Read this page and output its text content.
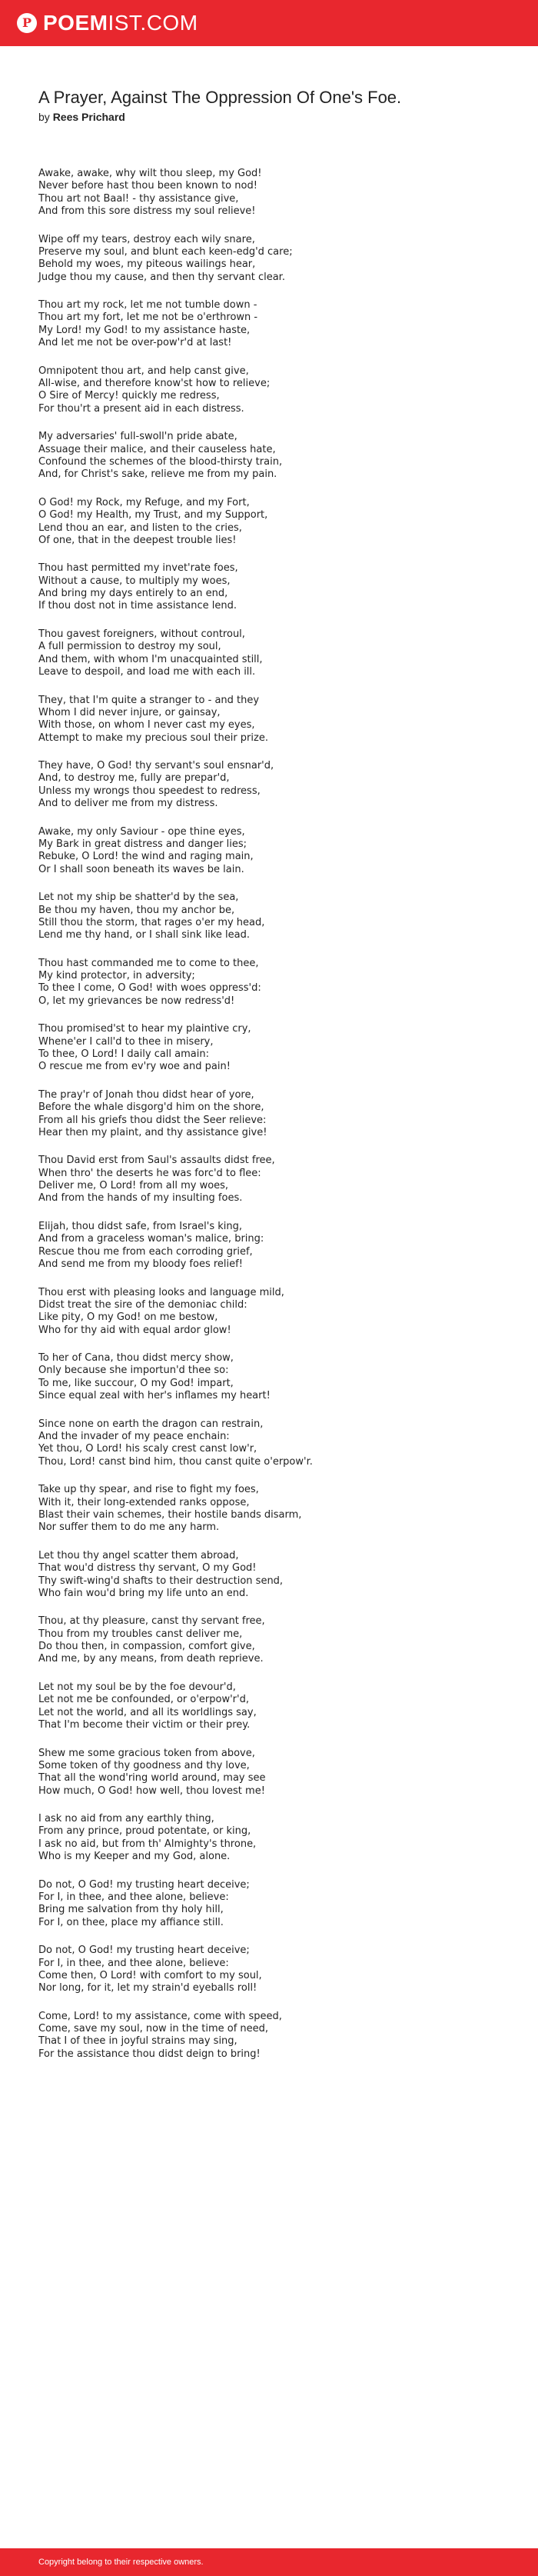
P POEMIST.COM
A Prayer, Against The Oppression Of One's Foe.
by Rees Prichard

Awake, awake, why wilt thou sleep, my God!
Never before hast thou been known to nod!
Thou art not Baal! - thy assistance give,
And from this sore distress my soul relieve!

Wipe off my tears, destroy each wily snare,
Preserve my soul, and blunt each keen-edg'd care;
Behold my woes, my piteous wailings hear,
Judge thou my cause, and then thy servant clear.

Thou art my rock, let me not tumble down -
Thou art my fort, let me not be o'erthrown -
My Lord! my God! to my assistance haste,
And let me not be over-pow'r'd at last!

Omnipotent thou art, and help canst give,
All-wise, and therefore know'st how to relieve;
O Sire of Mercy! quickly me redress,
For thou'rt a present aid in each distress.

My adversaries' full-swoll'n pride abate,
Assuage their malice, and their causeless hate,
Confound the schemes of the blood-thirsty train,
And, for Christ's sake, relieve me from my pain.

O God! my Rock, my Refuge, and my Fort,
O God! my Health, my Trust, and my Support,
Lend thou an ear, and listen to the cries,
Of one, that in the deepest trouble lies!

Thou hast permitted my invet'rate foes,
Without a cause, to multiply my woes,
And bring my days entirely to an end,
If thou dost not in time assistance lend.

Thou gavest foreigners, without controul,
A full permission to destroy my soul,
And them, with whom I'm unacquainted still,
Leave to despoil, and load me with each ill.

They, that I'm quite a stranger to - and they
Whom I did never injure, or gainsay,
With those, on whom I never cast my eyes,
Attempt to make my precious soul their prize.

They have, O God! thy servant's soul ensnar'd,
And, to destroy me, fully are prepar'd,
Unless my wrongs thou speedest to redress,
And to deliver me from my distress.

Awake, my only Saviour - ope thine eyes,
My Bark in great distress and danger lies;
Rebuke, O Lord! the wind and raging main,
Or I shall soon beneath its waves be lain.

Let not my ship be shatter'd by the sea,
Be thou my haven, thou my anchor be,
Still thou the storm, that rages o'er my head,
Lend me thy hand, or I shall sink like lead.

Thou hast commanded me to come to thee,
My kind protector, in adversity;
To thee I come, O God! with woes oppress'd:
O, let my grievances be now redress'd!

Thou promised'st to hear my plaintive cry,
Whene'er I call'd to thee in misery,
To thee, O Lord! I daily call amain:
O rescue me from ev'ry woe and pain!

The pray'r of Jonah thou didst hear of yore,
Before the whale disgorg'd him on the shore,
From all his griefs thou didst the Seer relieve:
Hear then my plaint, and thy assistance give!

Thou David erst from Saul's assaults didst free,
When thro' the deserts he was forc'd to flee:
Deliver me, O Lord! from all my woes,
And from the hands of my insulting foes.

Elijah, thou didst safe, from Israel's king,
And from a graceless woman's malice, bring:
Rescue thou me from each corroding grief,
And send me from my bloody foes relief!

Thou erst with pleasing looks and language mild,
Didst treat the sire of the demoniac child:
Like pity, O my God! on me bestow,
Who for thy aid with equal ardor glow!

To her of Cana, thou didst mercy show,
Only because she importun'd thee so:
To me, like succour, O my God! impart,
Since equal zeal with her's inflames my heart!

Since none on earth the dragon can restrain,
And the invader of my peace enchain:
Yet thou, O Lord! his scaly crest canst low'r,
Thou, Lord! canst bind him, thou canst quite o'erpow'r.

Take up thy spear, and rise to fight my foes,
With it, their long-extended ranks oppose,
Blast their vain schemes, their hostile bands disarm,
Nor suffer them to do me any harm.

Let thou thy angel scatter them abroad,
That wou'd distress thy servant, O my God!
Thy swift-wing'd shafts to their destruction send,
Who fain wou'd bring my life unto an end.

Thou, at thy pleasure, canst thy servant free,
Thou from my troubles canst deliver me,
Do thou then, in compassion, comfort give,
And me, by any means, from death reprieve.

Let not my soul be by the foe devour'd,
Let not me be confounded, or o'erpow'r'd,
Let not the world, and all its worldlings say,
That I'm become their victim or their prey.

Shew me some gracious token from above,
Some token of thy goodness and thy love,
That all the wond'ring world around, may see
How much, O God! how well, thou lovest me!

I ask no aid from any earthly thing,
From any prince, proud potentate, or king,
I ask no aid, but from th' Almighty's throne,
Who is my Keeper and my God, alone.

Do not, O God! my trusting heart deceive;
For I, in thee, and thee alone, believe:
Bring me salvation from thy holy hill,
For I, on thee, place my affiance still.

Do not, O God! my trusting heart deceive;
For I, in thee, and thee alone, believe:
Come then, O Lord! with comfort to my soul,
Nor long, for it, let my strain'd eyeballs roll!

Come, Lord! to my assistance, come with speed,
Come, save my soul, now in the time of need,
That I of thee in joyful strains may sing,
For the assistance thou didst deign to bring!

Copyright belong to their respective owners.
